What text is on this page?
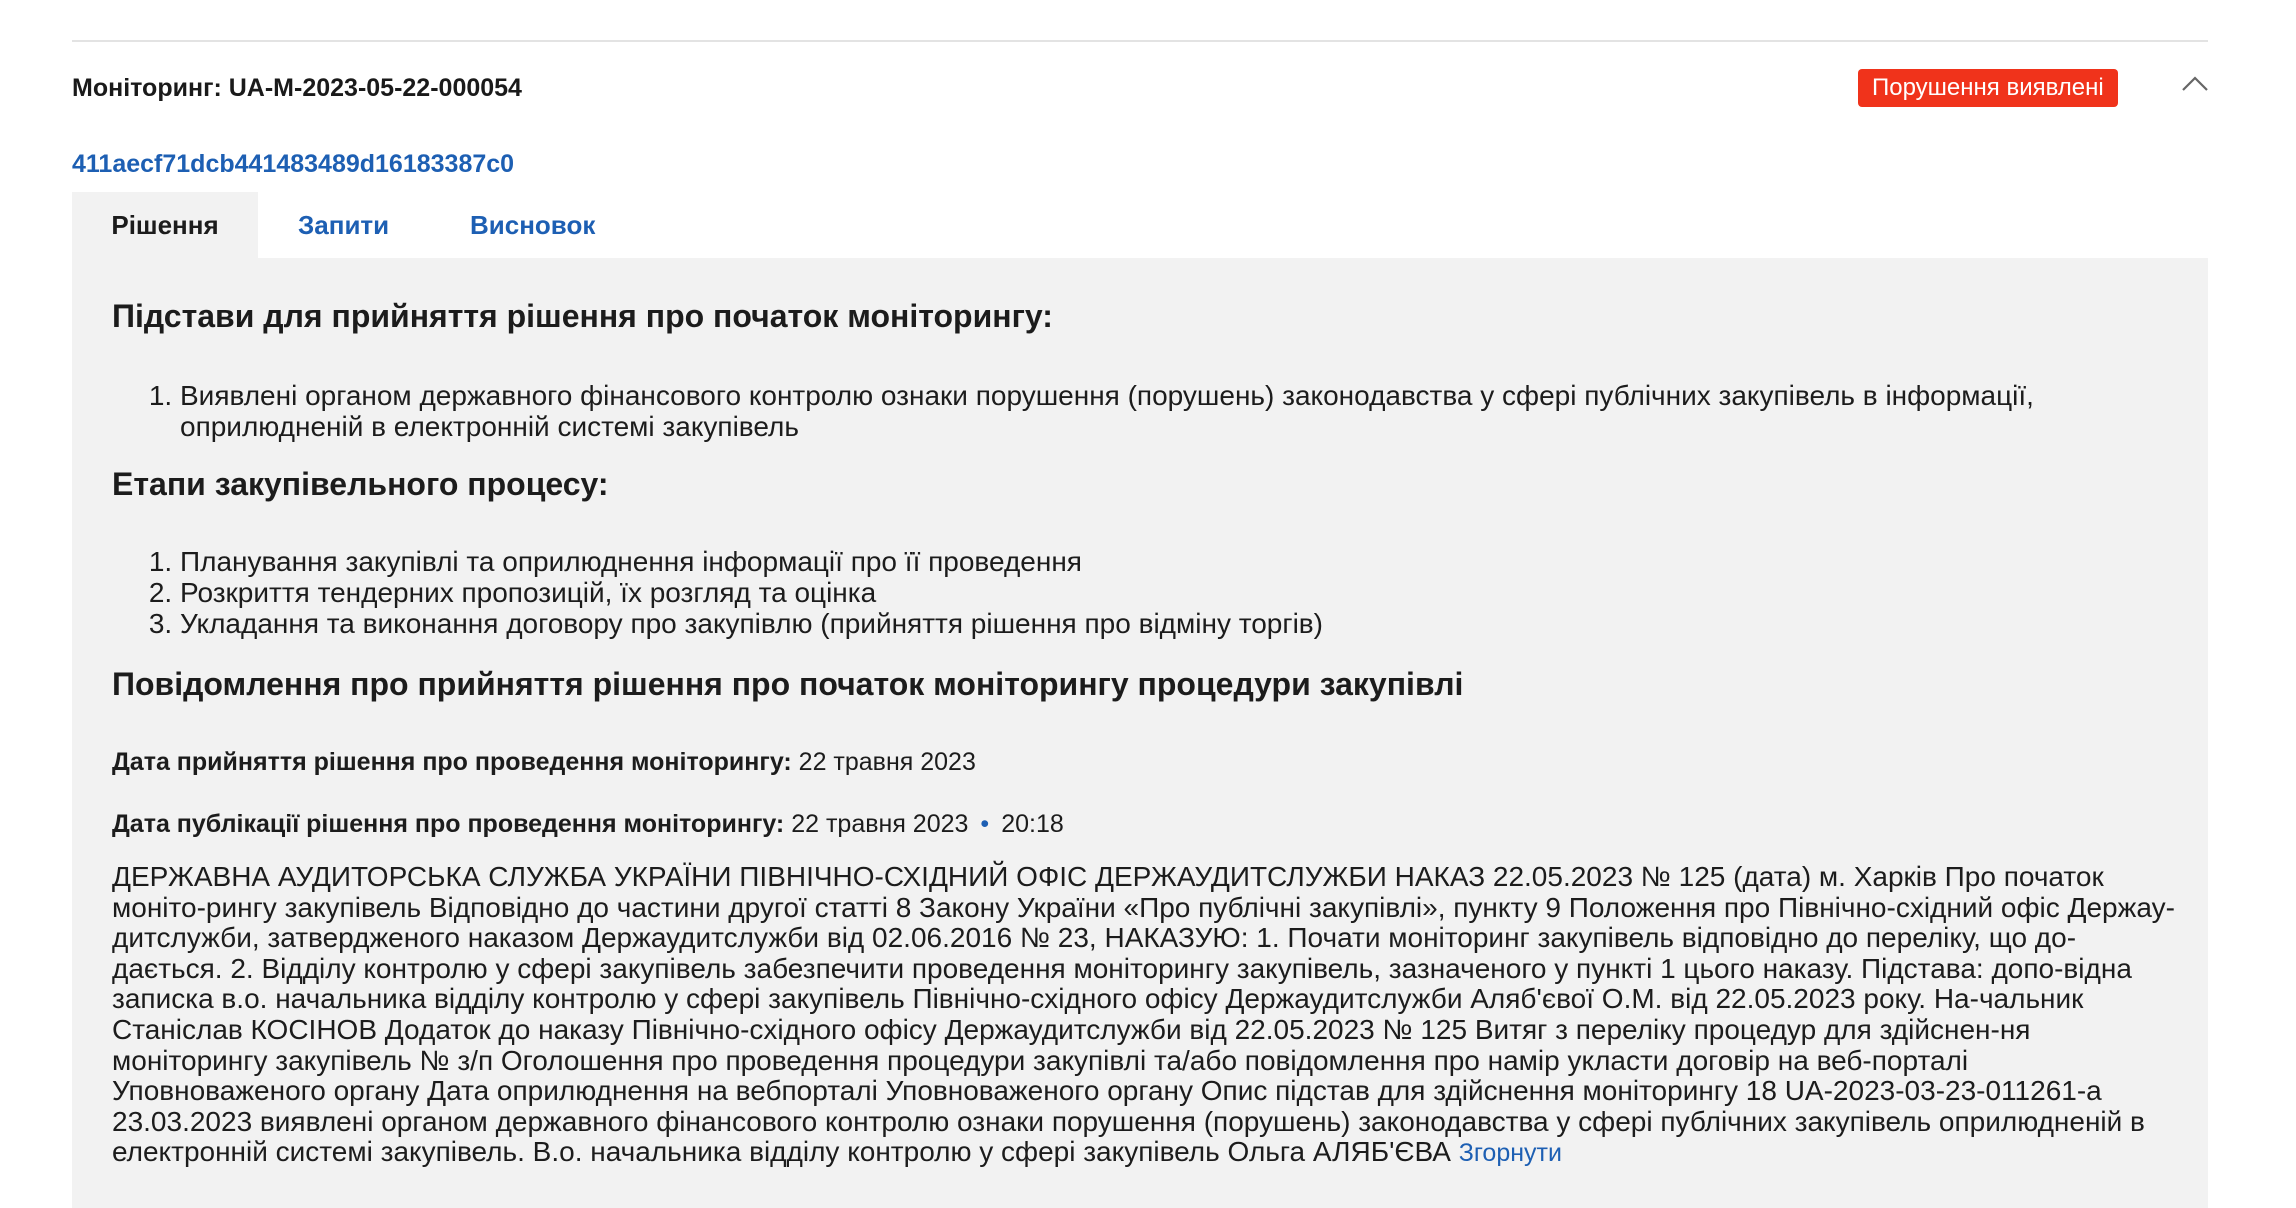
Моніторинг: UA-M-2023-05-22-000054	Порушення виявлені
411aecf71dcb441483489d16183387c0
Рішення	Запити	Висновок
Підстави для прийняття рішення про початок моніторингу:
1. Виявлені органом державного фінансового контролю ознаки порушення (порушень) законодавства у сфері публічних закупівель в інформації, оприлюдненій в електронній системі закупівель
Етапи закупівельного процесу:
1. Планування закупівлі та оприлюднення інформації про її проведення
2. Розкриття тендерних пропозицій, їх розгляд та оцінка
3. Укладання та виконання договору про закупівлю (прийняття рішення про відміну торгів)
Повідомлення про прийняття рішення про початок моніторингу процедури закупівлі
Дата прийняття рішення про проведення моніторингу: 22 травня 2023
Дата публікації рішення про проведення моніторингу: 22 травня 2023 • 20:18
ДЕРЖАВНА АУДИТОРСЬКА СЛУЖБА УКРАЇНИ ПІВНІЧНО-СХІДНИЙ ОФІС ДЕРЖАУДИТСЛУЖБИ НАКАЗ 22.05.2023 № 125 (дата) м. Харків Про початок моніто-рингу закупівель Відповідно до частини другої статті 8 Закону України «Про публічні закупівлі», пункту 9 Положення про Північно-східний офіс Держау-дитслужби, затвердженого наказом Держаудитслужби від 02.06.2016 № 23, НАКАЗУЮ: 1. Почати моніторинг закупівель відповідно до переліку, що до-дається. 2. Відділу контролю у сфері закупівель забезпечити проведення моніторингу закупівель, зазначеного у пункті 1 цього наказу. Підстава: допо-відна записка в.о. начальника відділу контролю у сфері закупівель Північно-східного офісу Держаудитслужби Аляб'євої О.М. від 22.05.2023 року. На-чальник Станіслав КОСІНОВ Додаток до наказу Північно-східного офісу Держаудитслужби від 22.05.2023 № 125 Витяг з переліку процедур для здійснен-ня моніторингу закупівель № з/п Оголошення про проведення процедури закупівлі та/або повідомлення про намір укласти договір на веб-порталі Уповноваженого органу Дата оприлюднення на вебпорталі Уповноваженого органу Опис підстав для здійснення моніторингу 18 UA-2023-03-23-011261-a 23.03.2023 виявлені органом державного фінансового контролю ознаки порушення (порушень) законодавства у сфері публічних закупівель оприлюдненій в електронній системі закупівель. В.о. начальника відділу контролю у сфері закупівель Ольга АЛЯБ'ЄВА Згорнути
